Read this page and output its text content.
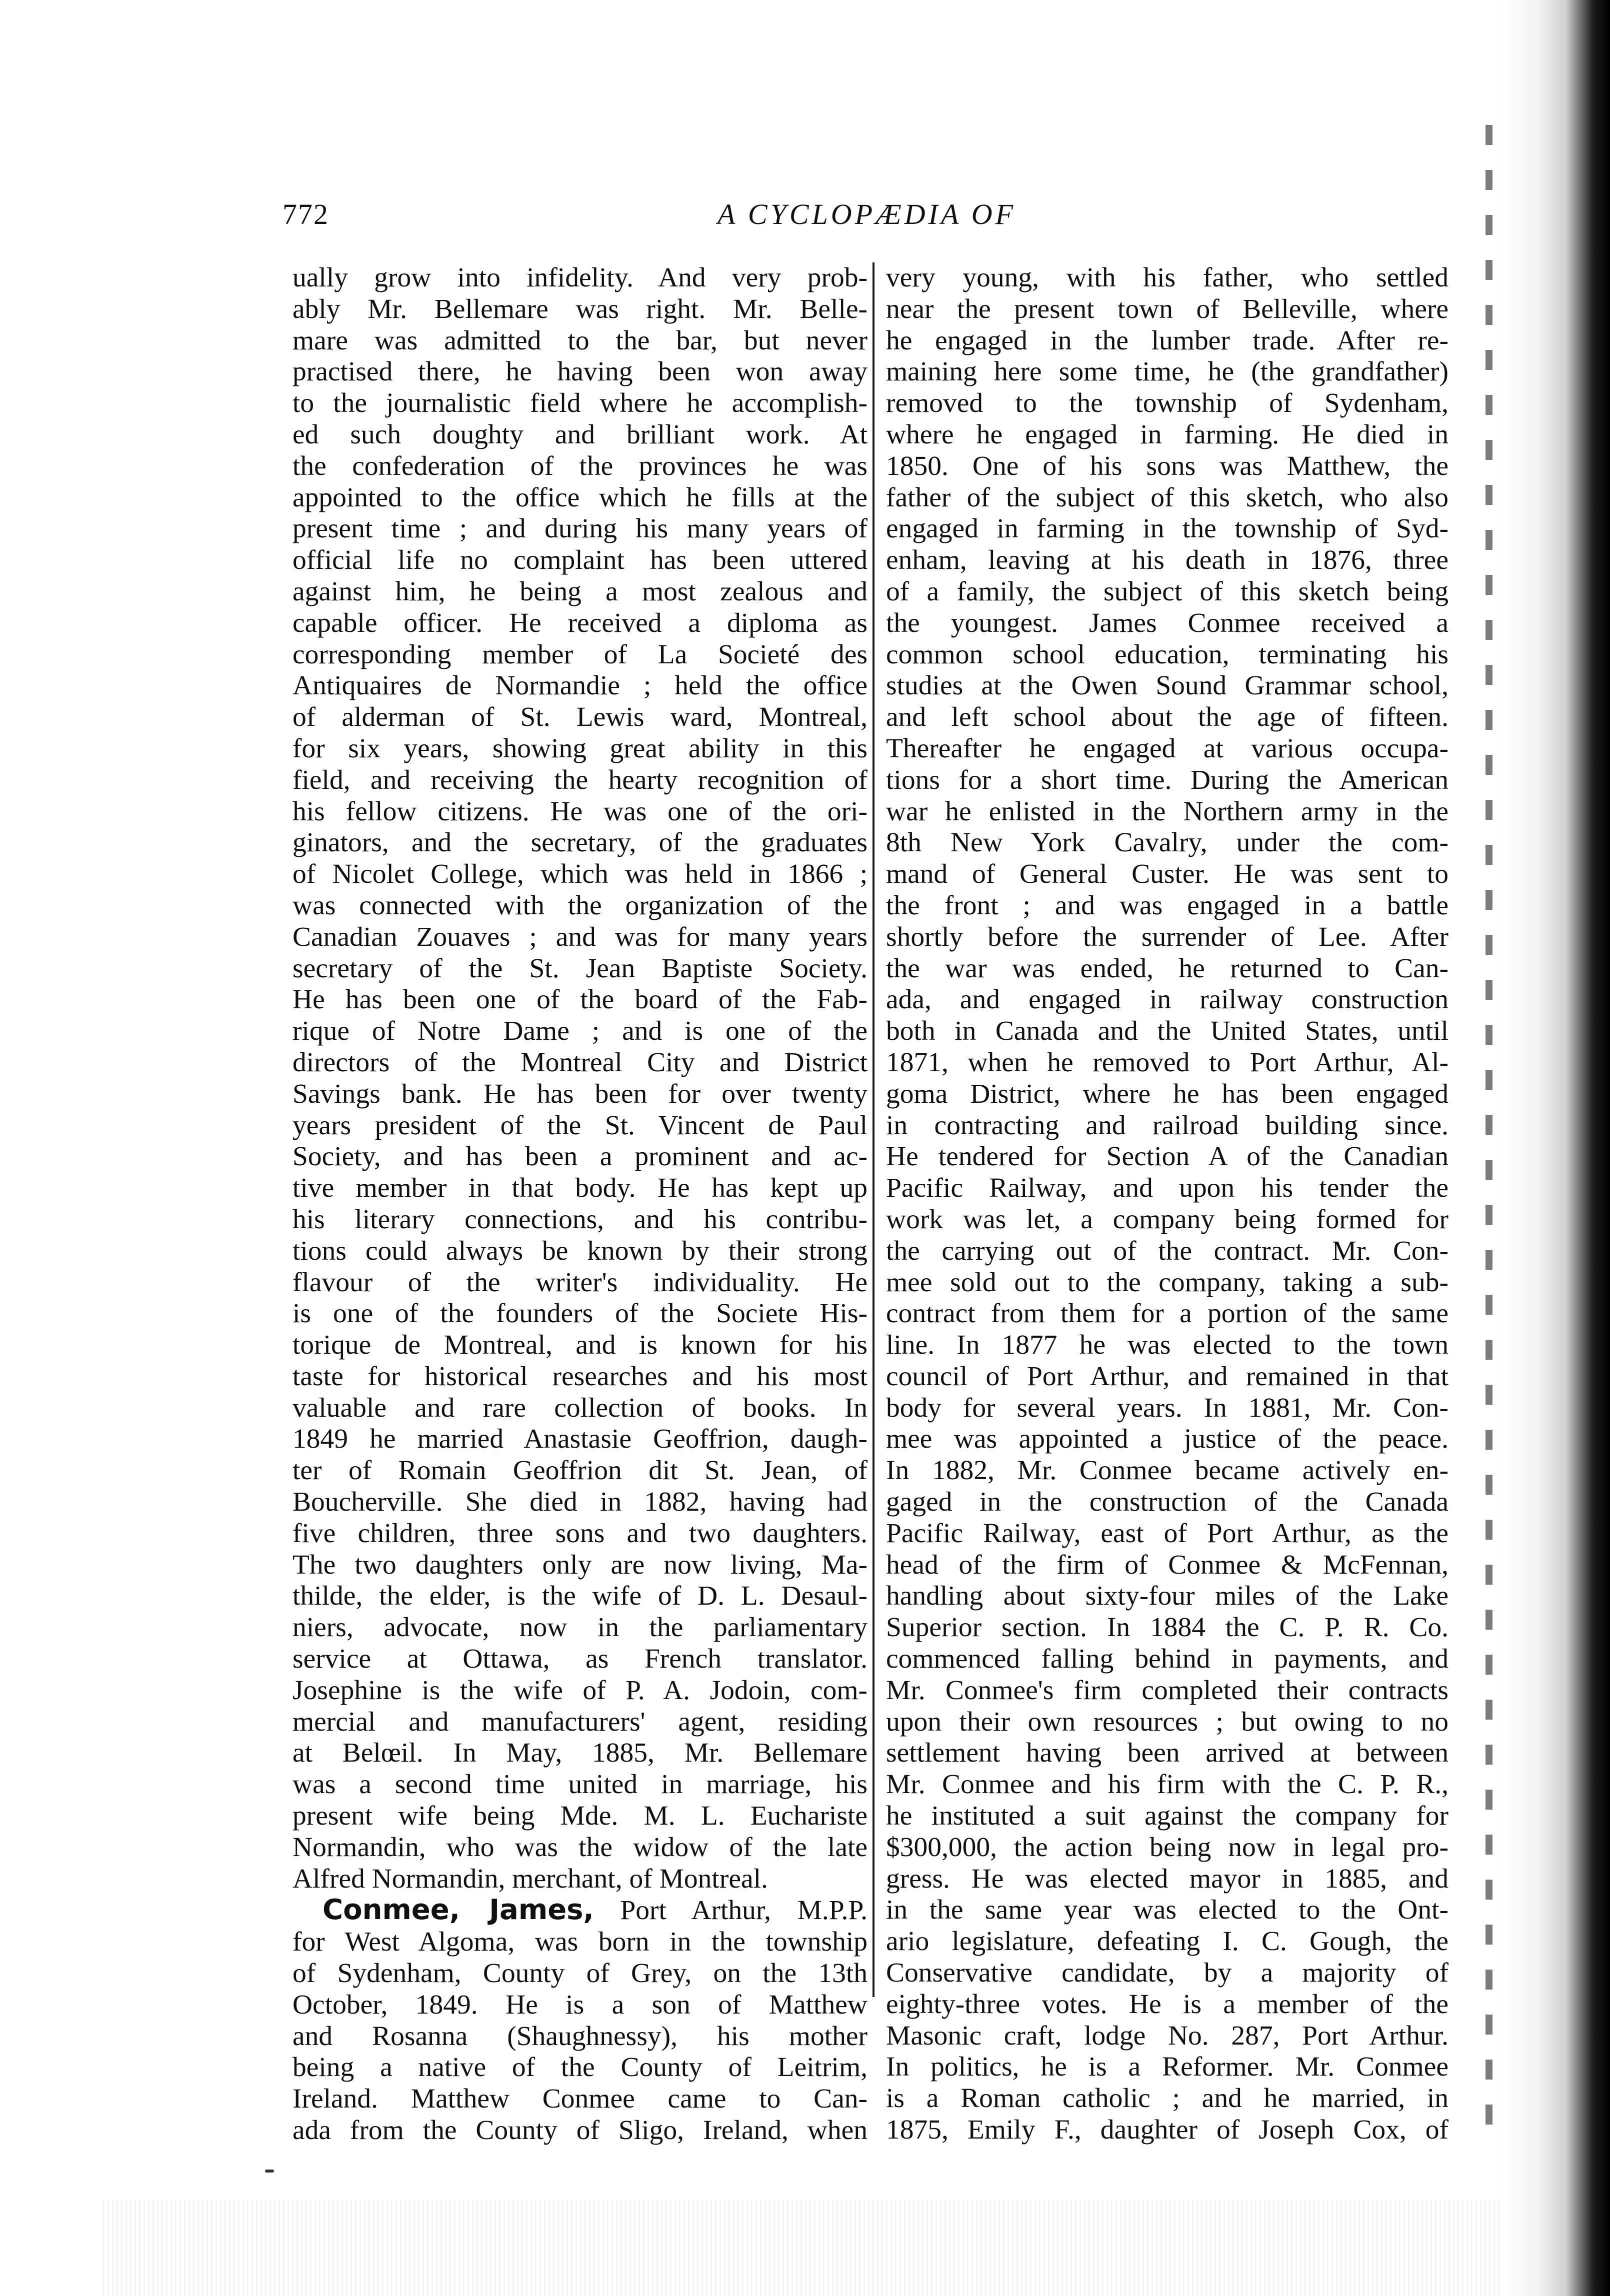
772	A CYCLOPÆDIA OF
ually grow into infidelity. And very prob-
ably Mr. Bellemare was right. Mr. Belle-
mare was admitted to the bar, but never
practised there, he having been won away
to the journalistic field where he accomplish-
ed such doughty and brilliant work. At
the confederation of the provinces he was
appointed to the office which he fills at the
present time ; and during his many years of
official life no complaint has been uttered
against him, he being a most zealous and
capable officer. He received a diploma as
corresponding member of La Societé des
Antiquaires de Normandie ; held the office
of alderman of St. Lewis ward, Montreal,
for six years, showing great ability in this
field, and receiving the hearty recognition of
his fellow citizens. He was one of the ori-
ginators, and the secretary, of the graduates
of Nicolet College, which was held in 1866 ;
was connected with the organization of the
Canadian Zouaves ; and was for many years
secretary of the St. Jean Baptiste Society.
He has been one of the board of the Fab-
rique of Notre Dame ; and is one of the
directors of the Montreal City and District
Savings bank. He has been for over twenty
years president of the St. Vincent de Paul
Society, and has been a prominent and ac-
tive member in that body. He has kept up
his literary connections, and his contribu-
tions could always be known by their strong
flavour of the writer's individuality. He
is one of the founders of the Societe His-
torique de Montreal, and is known for his
taste for historical researches and his most
valuable and rare collection of books. In
1849 he married Anastasie Geoffrion, daugh-
ter of Romain Geoffrion dit St. Jean, of
Boucherville. She died in 1882, having had
five children, three sons and two daughters.
The two daughters only are now living, Ma-
thilde, the elder, is the wife of D. L. Desaul-
niers, advocate, now in the parliamentary
service at Ottawa, as French translator.
Josephine is the wife of P. A. Jodoin, com-
mercial and manufacturers' agent, residing
at Belœil. In May, 1885, Mr. Bellemare
was a second time united in marriage, his
present wife being Mde. M. L. Eucharistе
Normandin, who was the widow of the late
Alfred Normandin, merchant, of Montreal.
Conmee, James, Port Arthur, M.P.P.
for West Algoma, was born in the township
of Sydenham, County of Grey, on the 13th
October, 1849. He is a son of Matthew
and Rosanna (Shaughnessy), his mother
being a native of the County of Leitrim,
Ireland. Matthew Conmee came to Can-
ada from the County of Sligo, Ireland, when
very young, with his father, who settled
near the present town of Belleville, where
he engaged in the lumber trade. After re-
maining here some time, he (the grandfather)
removed to the township of Sydenham,
where he engaged in farming. He died in
1850. One of his sons was Matthew, the
father of the subject of this sketch, who also
engaged in farming in the township of Syd-
enham, leaving at his death in 1876, three
of a family, the subject of this sketch being
the youngest. James Conmee received a
common school education, terminating his
studies at the Owen Sound Grammar school,
and left school about the age of fifteen.
Thereafter he engaged at various occupa-
tions for a short time. During the American
war he enlisted in the Northern army in the
8th New York Cavalry, under the com-
mand of General Custer. He was sent to
the front ; and was engaged in a battle
shortly before the surrender of Lee. After
the war was ended, he returned to Can-
ada, and engaged in railway construction
both in Canada and the United States, until
1871, when he removed to Port Arthur, Al-
goma District, where he has been engaged
in contracting and railroad building since.
He tendered for Section A of the Canadian
Pacific Railway, and upon his tender the
work was let, a company being formed for
the carrying out of the contract. Mr. Con-
mee sold out to the company, taking a sub-
contract from them for a portion of the same
line. In 1877 he was elected to the town
council of Port Arthur, and remained in that
body for several years. In 1881, Mr. Con-
mee was appointed a justice of the peace.
In 1882, Mr. Conmee became actively en-
gaged in the construction of the Canada
Pacific Railway, east of Port Arthur, as the
head of the firm of Conmee & McFennan,
handling about sixty-four miles of the Lake
Superior section. In 1884 the C. P. R. Co.
commenced falling behind in payments, and
Mr. Conmee's firm completed their contracts
upon their own resources ; but owing to no
settlement having been arrived at between
Mr. Conmee and his firm with the C. P. R.,
he instituted a suit against the company for
$300,000, the action being now in legal pro-
gress. He was elected mayor in 1885, and
in the same year was elected to the Ont-
ario legislature, defeating I. C. Gough, the
Conservative candidate, by a majority of
eighty-three votes. He is a member of the
Masonic craft, lodge No. 287, Port Arthur.
In politics, he is a Reformer. Mr. Conmee
is a Roman catholic ; and he married, in
1875, Emily F., daughter of Joseph Cox, of
